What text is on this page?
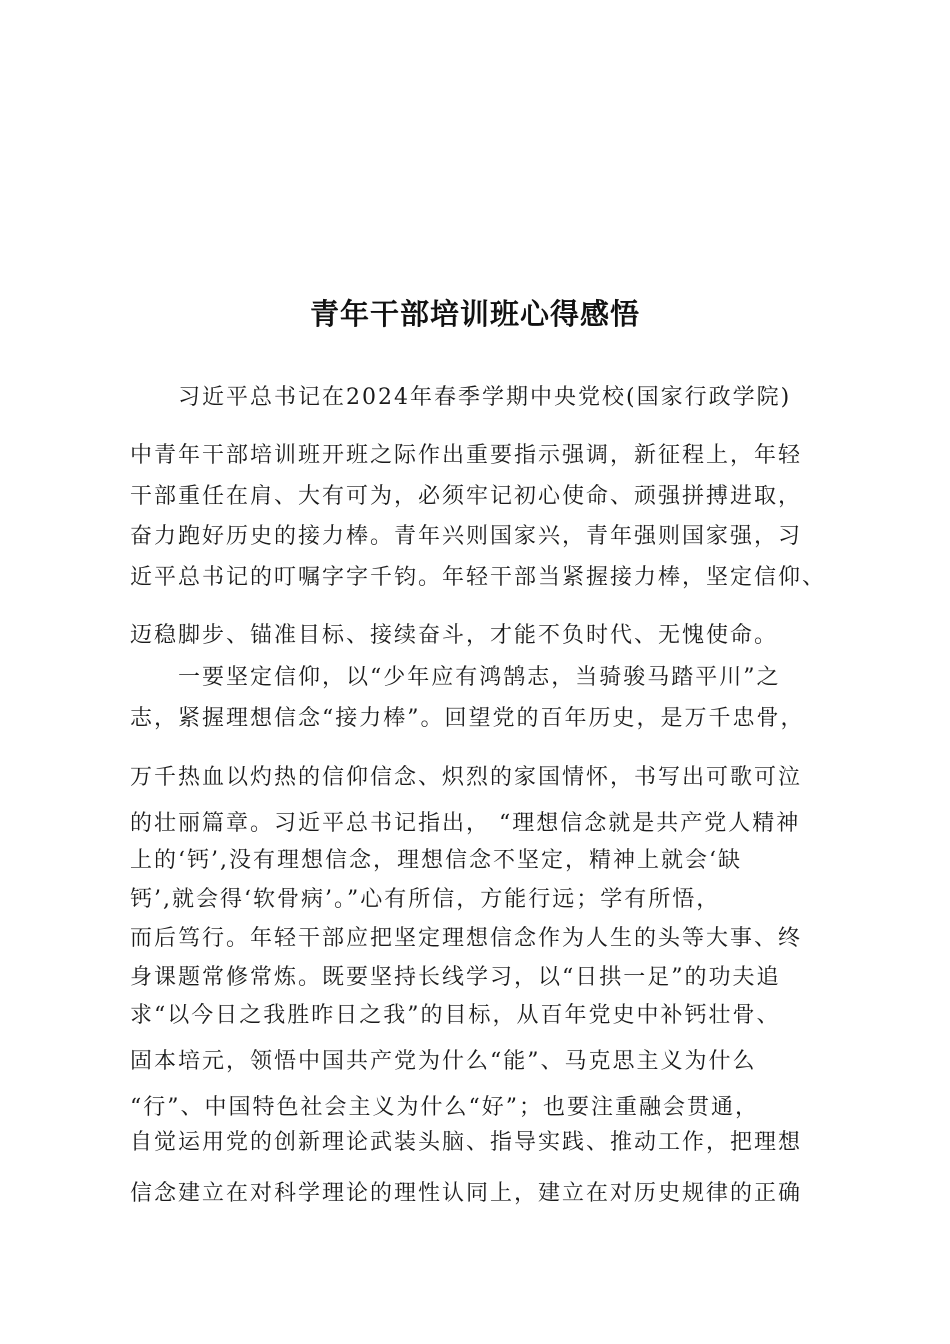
青年干部培训班心得感悟
习近平总书记在2024年春季学期中央党校(国家行政学院)
中青年干部培训班开班之际作出重要指示强调，新征程上，年轻
干部重任在肩、大有可为，必须牢记初心使命、顽强拼搏进取，
奋力跑好历史的接力棒。青年兴则国家兴，青年强则国家强，习
近平总书记的叮嘱字字千钧。年轻干部当紧握接力棒，坚定信仰、
迈稳脚步、锚准目标、接续奋斗，才能不负时代、无愧使命。
一要坚定信仰，以“少年应有鸿鹄志，当骑骏马踏平川”之
志，紧握理想信念“接力棒”。回望党的百年历史，是万千忠骨，
万千热血以灼热的信仰信念、炽烈的家国情怀，书写出可歌可泣
的壮丽篇章。习近平总书记指出， “理想信念就是共产党人精神
上的‘钙’,没有理想信念，理想信念不坚定，精神上就会‘缺
钙’,就会得‘软骨病’。”心有所信，方能行远；学有所悟，
而后笃行。年轻干部应把坚定理想信念作为人生的头等大事、终
身课题常修常炼。既要坚持长线学习，以“日拱一足”的功夫追
求“以今日之我胜昨日之我”的目标，从百年党史中补钙壮骨、
固本培元，领悟中国共产党为什么“能”、马克思主义为什么
“行”、中国特色社会主义为什么“好”；也要注重融会贯通，
自觉运用党的创新理论武装头脑、指导实践、推动工作，把理想
信念建立在对科学理论的理性认同上，建立在对历史规律的正确
